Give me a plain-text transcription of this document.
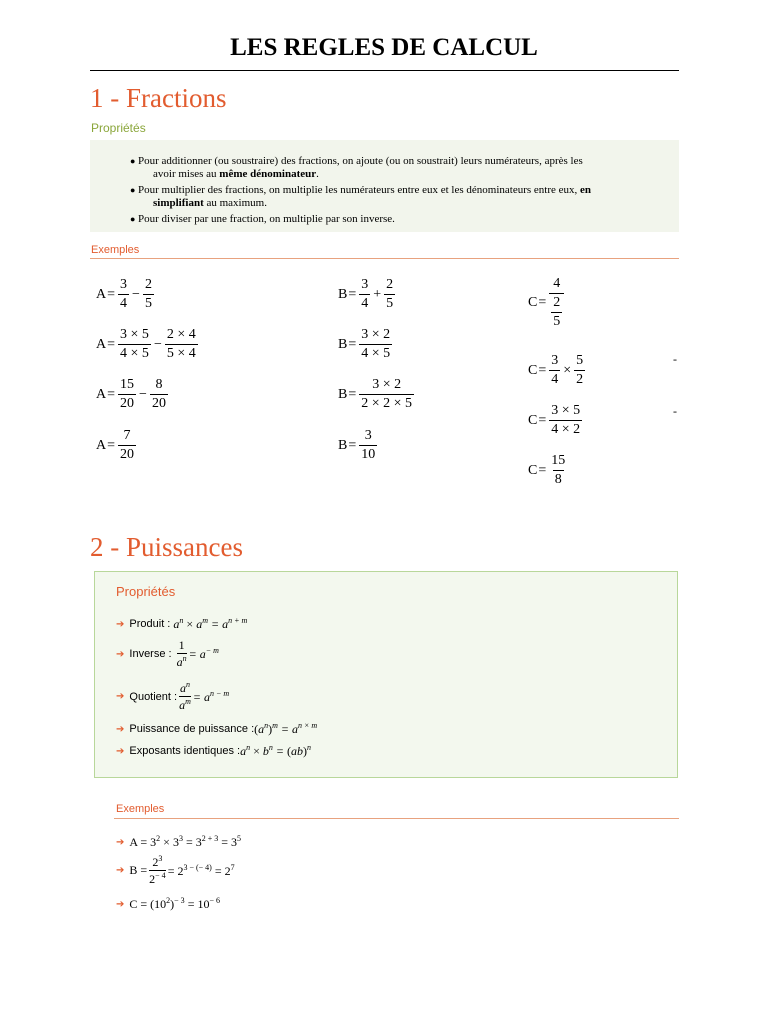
LES REGLES DE CALCUL
1 - Fractions
Propriétés
● Pour additionner (ou soustraire) des fractions, on ajoute (ou on soustrait) leurs numérateurs, après les
avoir mises au même dénominateur.
● Pour multiplier des fractions, on multiplie les numérateurs entre eux et les dénominateurs entre eux, en
simplifiant au maximum.
● Pour diviser par une fraction, on multiplie par son inverse.
Exemples
$A = \frac{3}{4} - \frac{2}{5}$
$A = \frac{3 \times 5}{4 \times 5} - \frac{2 \times 4}{5 \times 4}$
$A = \frac{15}{20} - \frac{8}{20}$
$A = \frac{7}{20}$
$B = \frac{3}{4} + \frac{2}{5}$
$B = \frac{3 \times 2}{4 \times 5}$
$B = \frac{3 \times 2}{2 \times 2 \times 5}$
$B = \frac{3}{10}$
C = 4
2
5
$C = \frac{3}{4} \times \frac{5}{2}$
$C = \frac{3 \times 5}{4 \times 2}$
$C = \frac{15}{8}$
-
-
2 - Puissances
Propriétés
➔ Produit :
$a^n \times a^m = a^{n + m}$
➔ Inverse :
$\frac{1}{a^n} = a^{- m}$
➔ Quotient : $\frac{a^n}{a^m} = a^{n - m}$
➔ Puissance de puissance : $(a^n)^m = a^{n \times m}$
➔ Exposants identiques : $a^n \times b^n = (ab)^n$
Exemples
➔ $A = 3^2 \times 3^3 = 3^{2 + 3} = 3^5$
➔ $B = \frac{2^3}{2^{- 4}} = 2^{3 - (- 4)} = 2^7$
➔ $C = (10^2)^{- 3} = 10^{- 6}$
